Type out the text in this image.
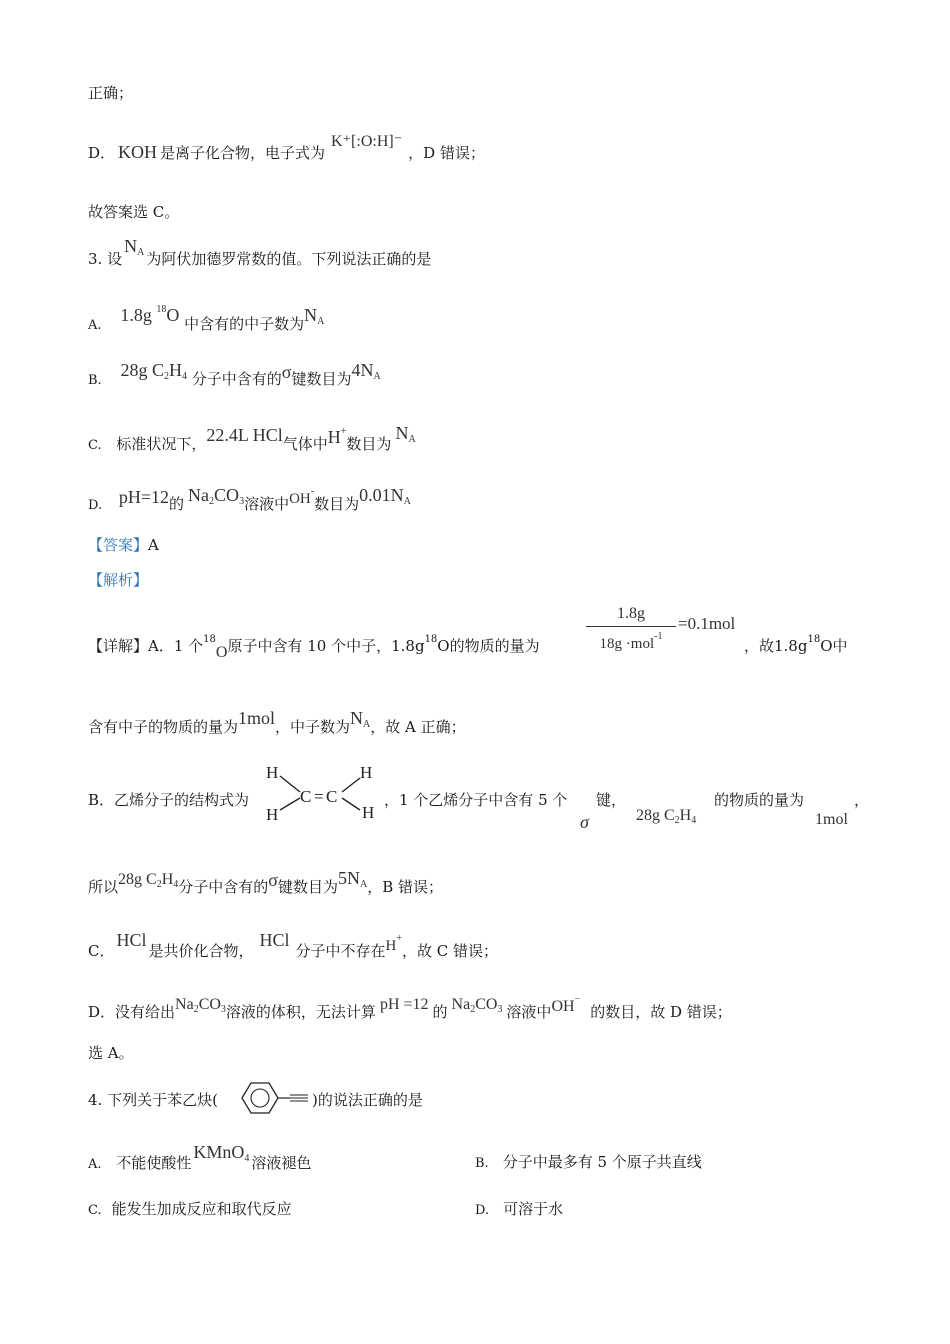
正确；
D． KOH 是离子化合物，电子式为K⁺[:O:H]⁻，D 错误；
故答案选 C。
3. 设$N_A$ 为阿伏加德罗常数的值。下列说法正确的是
A. 1.8g $^{18}$O 中含有的中子数为$N_A$
B. 28g $C_2H_4$ 分子中含有的σ键数目为$4N_A$
C. 标准状况下，22.4L HCl气体中H+数目为$N_A$
D. pH=12的 $Na_2CO_3$溶液中OH-数目为$0.01N_A$
【答案】A
【解析】
【详解】A．1 个$^{18}$O原子中含有 10 个中子，$1.8g^{18}O$的物质的量为
1.8g
18g ·mol$^{-1}$
=0.1mol
，故$1.8g^{18}O$中
含有中子的物质的量为1mol，中子数为$N_A$，故 A 正确；
B．乙烯分子的结构式为
H
H
C = C
H
H
，1 个乙烯分子中含有 5 个
σ
键，
28g $C_2H_4$
的物质的量为
1mol
，
所以28g $C_2H_4$分子中含有的σ键数目为$5N_A$，B 错误；
C．HCl是共价化合物，HCl分子中不存在H+，故 C 错误；
D．没有给出$Na_2CO_3$溶液的体积，无法计算 pH =12 的 $Na_2CO_3$ 溶液中OH−的数目，故 D 错误；
选 A。
4. 下列关于苯乙炔(	)的说法正确的是
A. 不能使酸性KMnO$_4$ 溶液褪色	B. 分子中最多有 5 个原子共直线
C. 能发生加成反应和取代反应	D. 可溶于水
